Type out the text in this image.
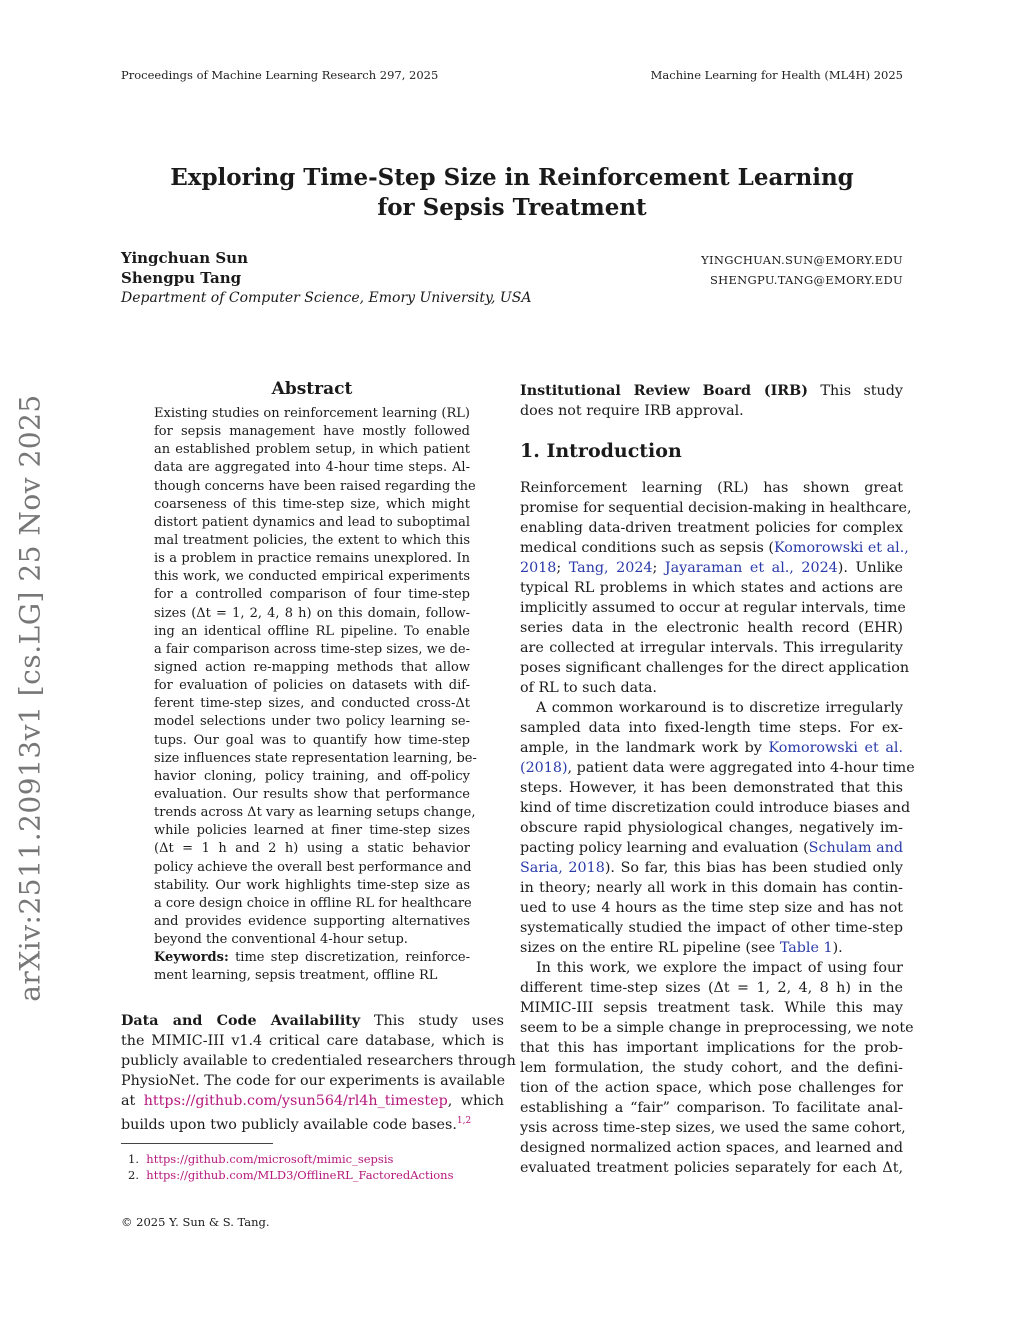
Proceedings of Machine Learning Research 297, 2025	Machine Learning for Health (ML4H) 2025
Exploring Time-Step Size in Reinforcement Learning
for Sepsis Treatment
Yingchuan Sun	YINGCHUAN.SUN@EMORY.EDU
Shengpu Tang	SHENGPU.TANG@EMORY.EDU
Department of Computer Science, Emory University, USA
arXiv:2511.20913v1 [cs.LG] 25 Nov 2025
Abstract
Existing studies on reinforcement learning (RL)
for sepsis management have mostly followed
an established problem setup, in which patient
data are aggregated into 4-hour time steps. Al-
though concerns have been raised regarding the
coarseness of this time-step size, which might
distort patient dynamics and lead to suboptimal
mal treatment policies, the extent to which this
is a problem in practice remains unexplored. In
this work, we conducted empirical experiments
for a controlled comparison of four time-step
sizes (Δt = 1, 2, 4, 8 h) on this domain, follow-
ing an identical offline RL pipeline. To enable
a fair comparison across time-step sizes, we de-
signed action re-mapping methods that allow
for evaluation of policies on datasets with dif-
ferent time-step sizes, and conducted cross-Δt
model selections under two policy learning se-
tups. Our goal was to quantify how time-step
size influences state representation learning, be-
havior cloning, policy training, and off-policy
evaluation. Our results show that performance
trends across Δt vary as learning setups change,
while policies learned at finer time-step sizes
(Δt = 1 h and 2 h) using a static behavior
policy achieve the overall best performance and
stability. Our work highlights time-step size as
a core design choice in offline RL for healthcare
and provides evidence supporting alternatives
beyond the conventional 4-hour setup.
Keywords: time step discretization, reinforce-
ment learning, sepsis treatment, offline RL
Data and Code Availability This study uses
the MIMIC-III v1.4 critical care database, which is
publicly available to credentialed researchers through
PhysioNet. The code for our experiments is available
at https://github.com/ysun564/rl4h_timestep, which
builds upon two publicly available code bases.$^{1,2}$
1. https://github.com/microsoft/mimic_sepsis
2. https://github.com/MLD3/OfflineRL_FactoredActions
© 2025 Y. Sun & S. Tang.
Institutional Review Board (IRB) This study
does not require IRB approval.
1. Introduction
Reinforcement learning (RL) has shown great
promise for sequential decision-making in healthcare,
enabling data-driven treatment policies for complex
medical conditions such as sepsis (Komorowski et al.,
2018; Tang, 2024; Jayaraman et al., 2024). Unlike
typical RL problems in which states and actions are
implicitly assumed to occur at regular intervals, time
series data in the electronic health record (EHR)
are collected at irregular intervals. This irregularity
poses significant challenges for the direct application
of RL to such data.
A common workaround is to discretize irregularly
sampled data into fixed-length time steps. For ex-
ample, in the landmark work by Komorowski et al.
(2018), patient data were aggregated into 4-hour time
steps. However, it has been demonstrated that this
kind of time discretization could introduce biases and
obscure rapid physiological changes, negatively im-
pacting policy learning and evaluation (Schulam and
Saria, 2018). So far, this bias has been studied only
in theory; nearly all work in this domain has contin-
ued to use 4 hours as the time step size and has not
systematically studied the impact of other time-step
sizes on the entire RL pipeline (see Table 1).
In this work, we explore the impact of using four
different time-step sizes (Δt = 1, 2, 4, 8 h) in the
MIMIC-III sepsis treatment task. While this may
seem to be a simple change in preprocessing, we note
that this has important implications for the prob-
lem formulation, the study cohort, and the defini-
tion of the action space, which pose challenges for
establishing a “fair” comparison. To facilitate anal-
ysis across time-step sizes, we used the same cohort,
designed normalized action spaces, and learned and
evaluated treatment policies separately for each Δt,
